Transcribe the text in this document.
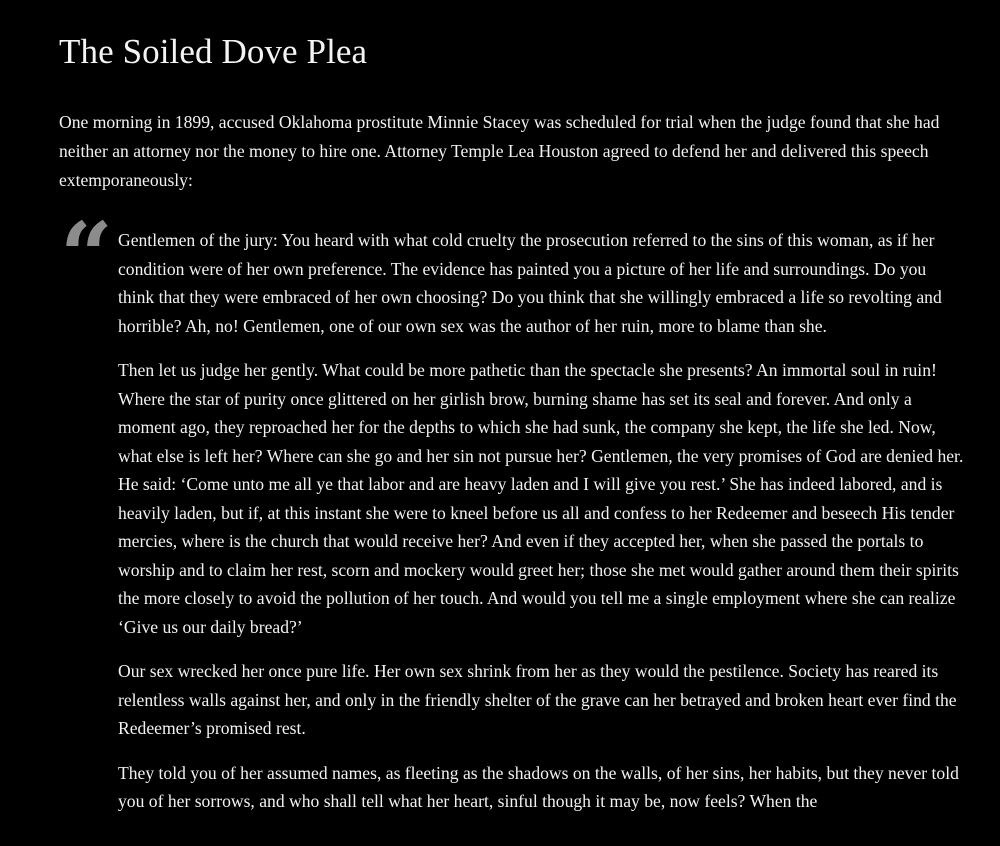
The Soiled Dove Plea

One morning in 1899, accused Oklahoma prostitute Minnie Stacey was scheduled for trial when the judge found that she had neither an attorney nor the money to hire one. Attorney Temple Lea Houston agreed to defend her and delivered this speech extemporaneously:

“ Gentlemen of the jury: You heard with what cold cruelty the prosecution referred to the sins of this woman, as if her condition were of her own preference. The evidence has painted you a picture of her life and surroundings. Do you think that they were embraced of her own choosing? Do you think that she willingly embraced a life so revolting and horrible? Ah, no! Gentlemen, one of our own sex was the author of her ruin, more to blame than she.

Then let us judge her gently. What could be more pathetic than the spectacle she presents? An immortal soul in ruin! Where the star of purity once glittered on her girlish brow, burning shame has set its seal and forever. And only a moment ago, they reproached her for the depths to which she had sunk, the company she kept, the life she led. Now, what else is left her? Where can she go and her sin not pursue her? Gentlemen, the very promises of God are denied her. He said: ‘Come unto me all ye that labor and are heavy laden and I will give you rest.’ She has indeed labored, and is heavily laden, but if, at this instant she were to kneel before us all and confess to her Redeemer and beseech His tender mercies, where is the church that would receive her? And even if they accepted her, when she passed the portals to worship and to claim her rest, scorn and mockery would greet her; those she met would gather around them their spirits the more closely to avoid the pollution of her touch. And would you tell me a single employment where she can realize ‘Give us our daily bread?’

Our sex wrecked her once pure life. Her own sex shrink from her as they would the pestilence. Society has reared its relentless walls against her, and only in the friendly shelter of the grave can her betrayed and broken heart ever find the Redeemer’s promised rest.

They told you of her assumed names, as fleeting as the shadows on the walls, of her sins, her habits, but they never told you of her sorrows, and who shall tell what her heart, sinful though it may be, now feels? When the
